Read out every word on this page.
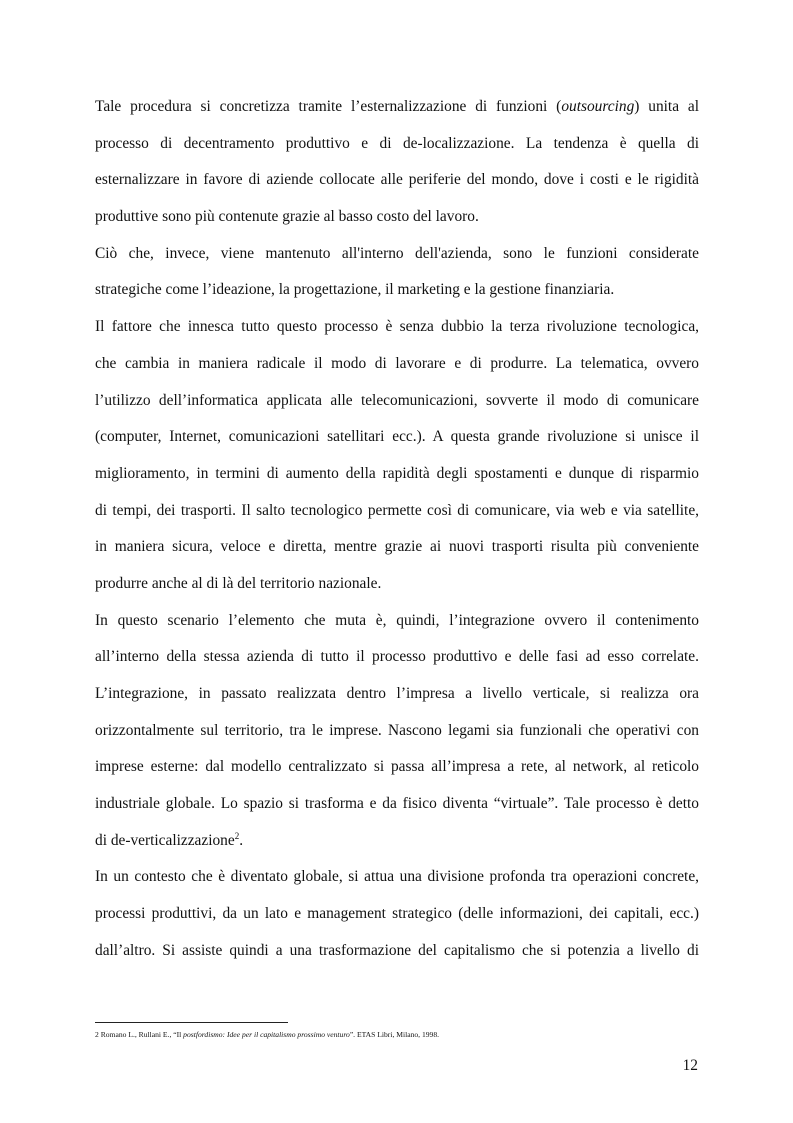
Tale procedura si concretizza tramite l’esternalizzazione di funzioni (outsourcing) unita al
processo di decentramento produttivo e di de-localizzazione. La tendenza è quella di
esternalizzare in favore di aziende collocate alle periferie del mondo, dove i costi e le rigidità
produttive sono più contenute grazie al basso costo del lavoro.
Ciò che, invece, viene mantenuto all'interno dell'azienda, sono le funzioni considerate
strategiche come l’ideazione, la progettazione, il marketing e la gestione finanziaria.
Il fattore che innesca tutto questo processo è senza dubbio la terza rivoluzione tecnologica,
che cambia in maniera radicale il modo di lavorare e di produrre. La telematica, ovvero
l’utilizzo dell’informatica applicata alle telecomunicazioni, sovverte il modo di comunicare
(computer, Internet, comunicazioni satellitari ecc.). A questa grande rivoluzione si unisce il
miglioramento, in termini di aumento della rapidità degli spostamenti e dunque di risparmio
di tempi, dei trasporti. Il salto tecnologico permette così di comunicare, via web e via satellite,
in maniera sicura, veloce e diretta, mentre grazie ai nuovi trasporti risulta più conveniente
produrre anche al di là del territorio nazionale.
In questo scenario l’elemento che muta è, quindi, l’integrazione ovvero il contenimento
all’interno della stessa azienda di tutto il processo produttivo e delle fasi ad esso correlate.
L’integrazione, in passato realizzata dentro l’impresa a livello verticale, si realizza ora
orizzontalmente sul territorio, tra le imprese. Nascono legami sia funzionali che operativi con
imprese esterne: dal modello centralizzato si passa all’impresa a rete, al network, al reticolo
industriale globale. Lo spazio si trasforma e da fisico diventa “virtuale”. Tale processo è detto
di de-verticalizzazione$^2$.
In un contesto che è diventato globale, si attua una divisione profonda tra operazioni concrete,
processi produttivi, da un lato e management strategico (delle informazioni, dei capitali, ecc.)
dall’altro. Si assiste quindi a una trasformazione del capitalismo che si potenzia a livello di
2 Romano L., Rullani E., “Il postfordismo: Idee per il capitalismo prossimo venturo”. ETAS Libri, Milano, 1998.
12
